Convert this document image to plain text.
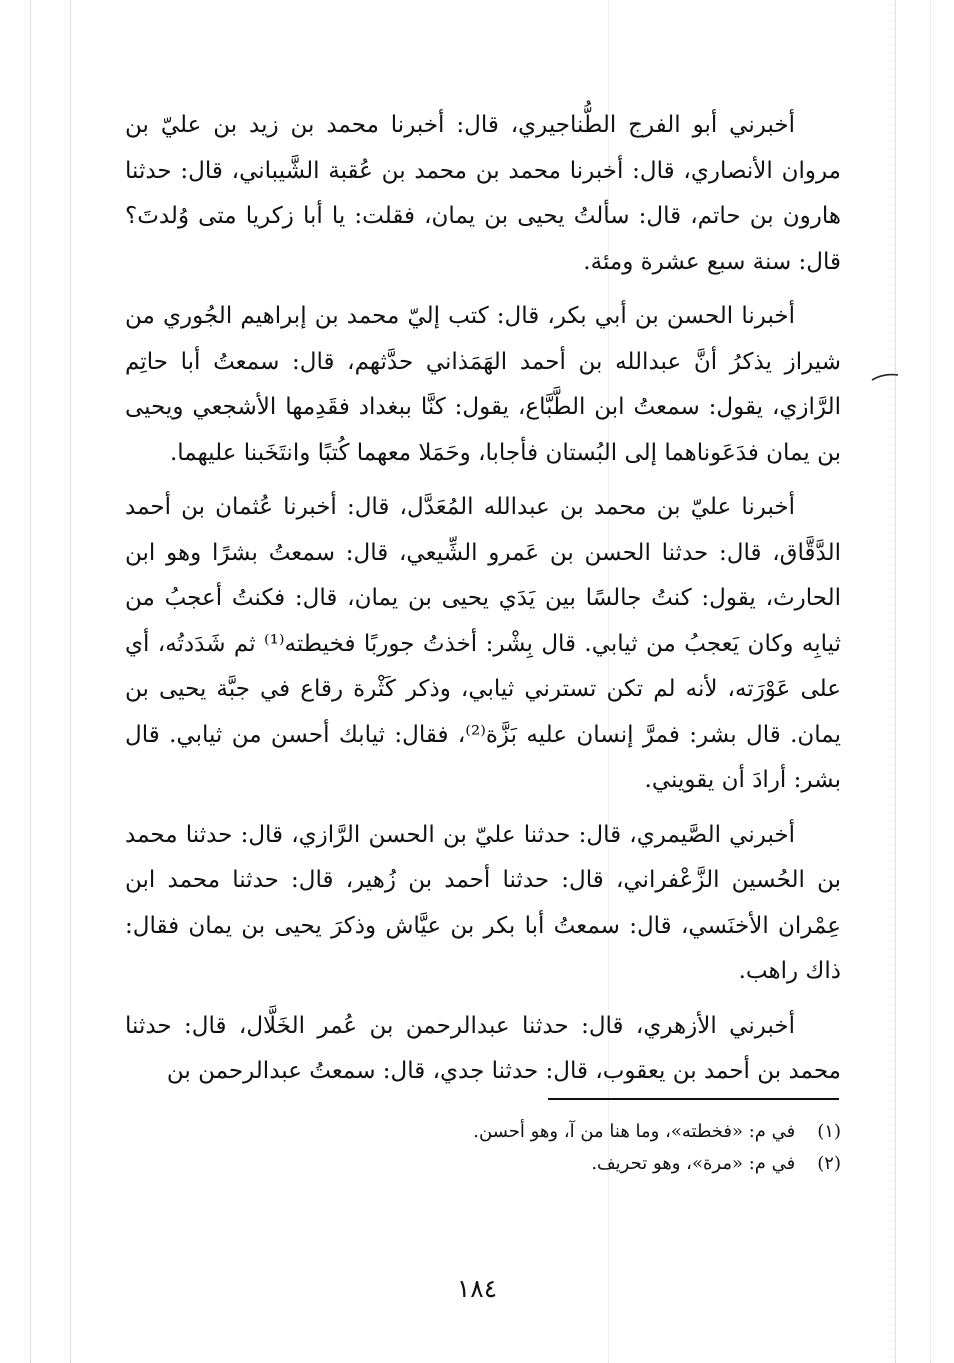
أخبرني أبو الفرج الطُّناجيري، قال: أخبرنا محمد بن زيد بن عليّ بن مروان الأنصاري، قال: أخبرنا محمد بن محمد بن عُقبة الشَّيباني، قال: حدثنا هارون بن حاتم، قال: سألتُ يحيى بن يمان، فقلت: يا أبا زكريا متى وُلدتَ؟ قال: سنة سبع عشرة ومئة.

أخبرنا الحسن بن أبي بكر، قال: كتب إليّ محمد بن إبراهيم الجُوري من شيراز يذكرُ أنَّ عبدالله بن أحمد الهَمَذاني حدَّثهم، قال: سمعتُ أبا حاتِم الرَّازي، يقول: سمعتُ ابن الطَّبَّاع، يقول: كنَّا ببغداد فقَدِمها الأشجعي ويحيى بن يمان فدَعَوناهما إلى البُستان فأجابا، وحَمَلا معهما كُتبًا وانتَخَبنا عليهما.

أخبرنا عليّ بن محمد بن عبدالله المُعَدَّل، قال: أخبرنا عُثمان بن أحمد الدَّقَّاق، قال: حدثنا الحسن بن عَمرو الشِّيعي، قال: سمعتُ بشرًا وهو ابن الحارث، يقول: كنتُ جالسًا بين يَدَي يحيى بن يمان، قال: فكنتُ أعجبُ من ثيابِه وكان يَعجبُ من ثيابي. قال بِشْر: أخذتُ جوربًا فخيطته⁽¹⁾ ثم شَدَدتُه، أي على عَوْرَته، لأنه لم تكن تسترني ثيابي، وذكر كَثْرة رقاع في جبَّة يحيى بن يمان. قال بشر: فمرَّ إنسان عليه بَزَّة⁽²⁾، فقال: ثيابك أحسن من ثيابي. قال بشر: أرادَ أن يقويني.

أخبرني الصَّيمري، قال: حدثنا عليّ بن الحسن الرَّازي، قال: حدثنا محمد بن الحُسين الزَّعْفراني، قال: حدثنا أحمد بن زُهير، قال: حدثنا محمد ابن عِمْران الأخنَسي، قال: سمعتُ أبا بكر بن عيَّاش وذكرَ يحيى بن يمان فقال: ذاك راهب.

أخبرني الأزهري، قال: حدثنا عبدالرحمن بن عُمر الخَلَّال، قال: حدثنا محمد بن أحمد بن يعقوب، قال: حدثنا جدي، قال: سمعتُ عبدالرحمن بن

(١) في م: «فخطته»، وما هنا من آ، وهو أحسن.
(٢) في م: «مرة»، وهو تحريف.
١٨٤
